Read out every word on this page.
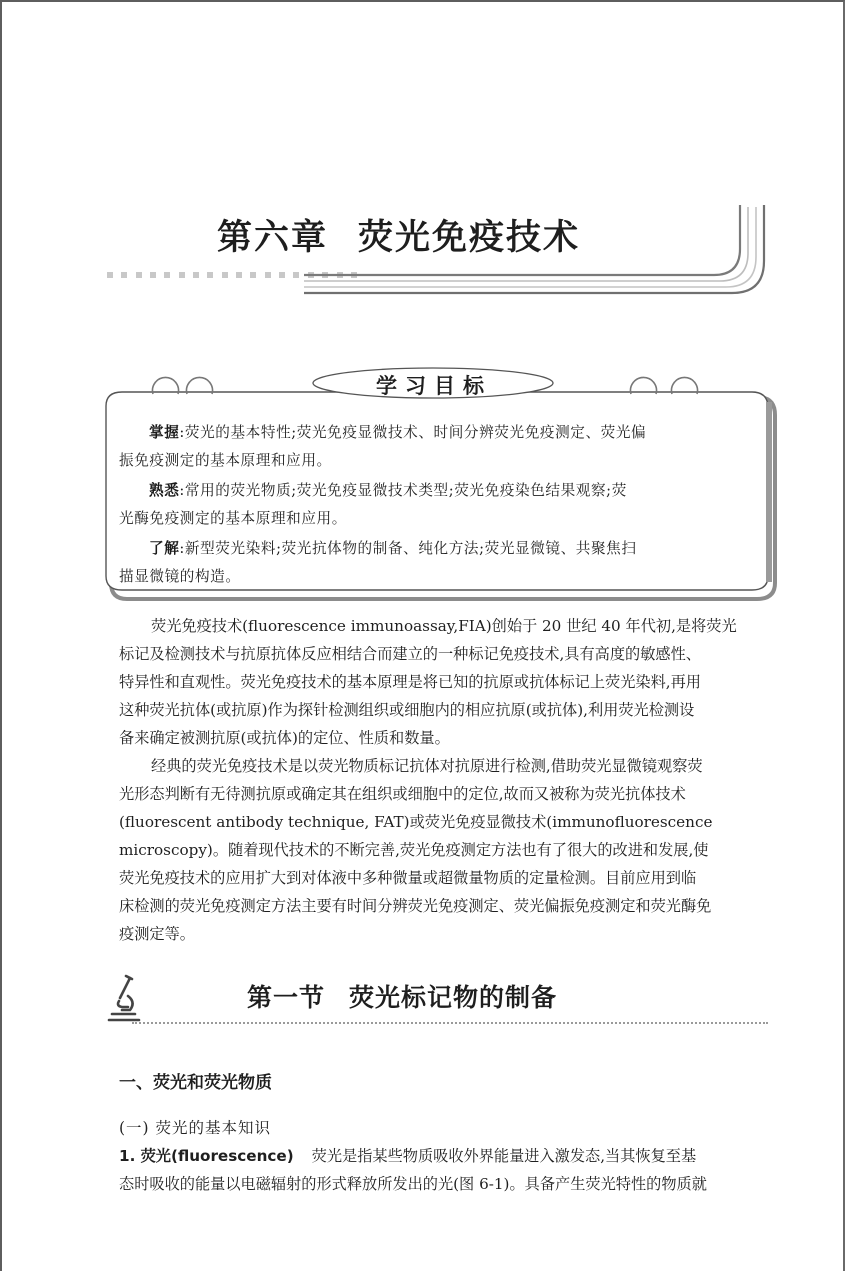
第六章 荧光免疫技术
学习目标
掌握:荧光的基本特性;荧光免疫显微技术、时间分辨荧光免疫测定、荧光偏
振免疫测定的基本原理和应用。
熟悉:常用的荧光物质;荧光免疫显微技术类型;荧光免疫染色结果观察;荧
光酶免疫测定的基本原理和应用。
了解:新型荧光染料;荧光抗体物的制备、纯化方法;荧光显微镜、共聚焦扫
描显微镜的构造。
荧光免疫技术(fluorescence immunoassay,FIA)创始于 20 世纪 40 年代初,是将荧光
标记及检测技术与抗原抗体反应相结合而建立的一种标记免疫技术,具有高度的敏感性、
特异性和直观性。荧光免疫技术的基本原理是将已知的抗原或抗体标记上荧光染料,再用
这种荧光抗体(或抗原)作为探针检测组织或细胞内的相应抗原(或抗体),利用荧光检测设
备来确定被测抗原(或抗体)的定位、性质和数量。
经典的荧光免疫技术是以荧光物质标记抗体对抗原进行检测,借助荧光显微镜观察荧
光形态判断有无待测抗原或确定其在组织或细胞中的定位,故而又被称为荧光抗体技术
(fluorescent antibody technique, FAT)或荧光免疫显微技术(immunofluorescence
microscopy)。随着现代技术的不断完善,荧光免疫测定方法也有了很大的改进和发展,使
荧光免疫技术的应用扩大到对体液中多种微量或超微量物质的定量检测。目前应用到临
床检测的荧光免疫测定方法主要有时间分辨荧光免疫测定、荧光偏振免疫测定和荧光酶免
疫测定等。
第一节 荧光标记物的制备
一、荧光和荧光物质
(一) 荧光的基本知识
1. 荧光(fluorescence) 荧光是指某些物质吸收外界能量进入激发态,当其恢复至基
态时吸收的能量以电磁辐射的形式释放所发出的光(图 6-1)。具备产生荧光特性的物质就
